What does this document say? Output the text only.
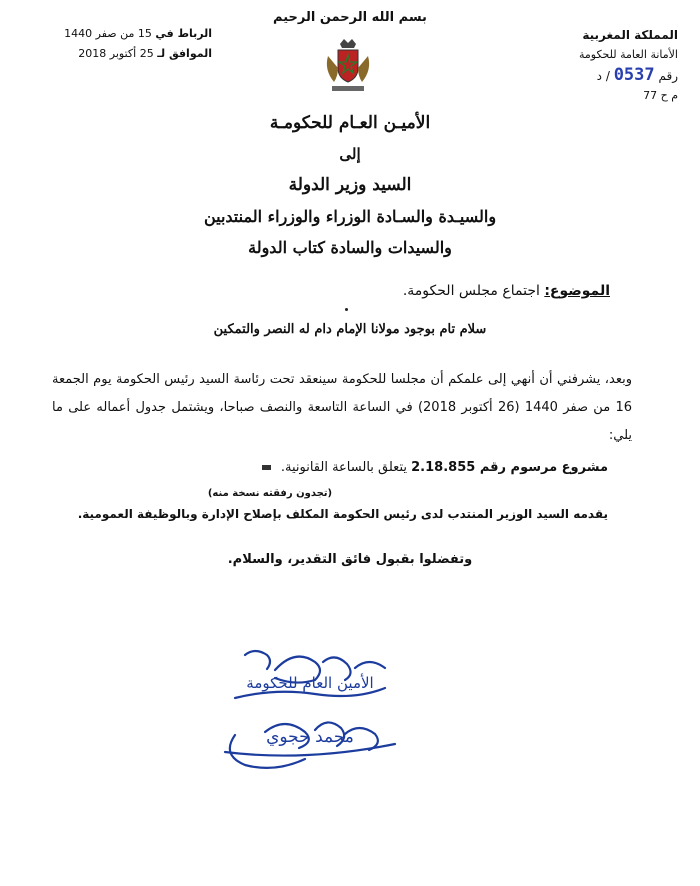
المملكة المغربية
الأمانة العامة للحكومة
رقم 0537 / د
م ح 77
بسم الله الرحمن الرحيم
الرباط في 15 من صفر 1440
الموافق لـ 25 أكتوبر 2018
الأميـن العـام للحكومـة
إلى
السيد وزير الدولة
والسيـدة والسـادة الوزراء والوزراء المنتدبين
والسيدات والسادة كتاب الدولة
الموضوع: اجتماع مجلس الحكومة.
سلام تام بوجود مولانا الإمام دام له النصر والتمكين
وبعد، يشرفني أن أنهي إلى علمكم أن مجلسا للحكومة سينعقد تحت رئاسة السيد رئيس الحكومة يوم الجمعة 16 من صفر 1440 (26 أكتوبر 2018) في الساعة التاسعة والنصف صباحا، ويشتمل جدول أعماله على ما يلي:
مشروع مرسوم رقم 2.18.855 يتعلق بالساعة القانونية.
(تجدون رفقته نسخة منه)
يقدمه السيد الوزير المنتدب لدى رئيس الحكومة المكلف بإصلاح الإدارة وبالوظيفة العمومية.
وتفضلوا بقبول فائق التقدير، والسلام.
الأمين العام للحكومة
محمد حجوي
